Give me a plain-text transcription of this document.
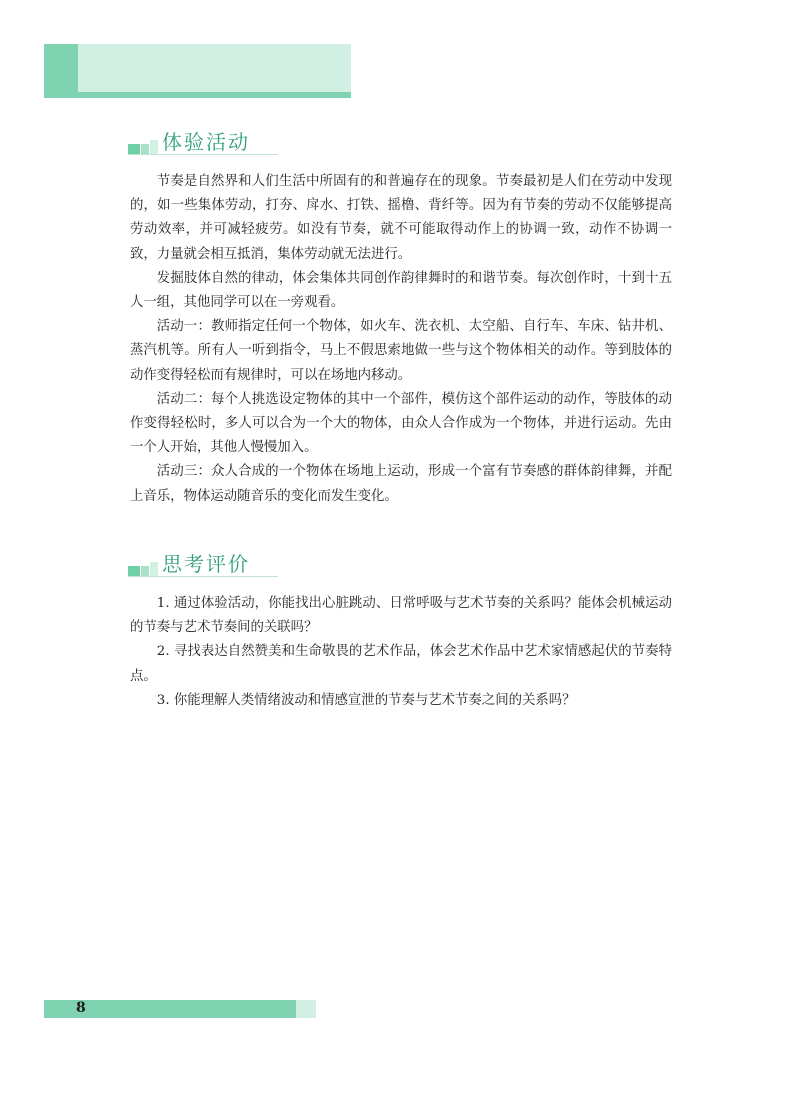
体验活动

节奏是自然界和人们生活中所固有的和普遍存在的现象。节奏最初是人们在劳动中发现的，如一些集体劳动，打夯、戽水、打铁、摇橹、背纤等。因为有节奏的劳动不仅能够提高劳动效率，并可减轻疲劳。如没有节奏，就不可能取得动作上的协调一致，动作不协调一致，力量就会相互抵消，集体劳动就无法进行。

发掘肢体自然的律动，体会集体共同创作韵律舞时的和谐节奏。每次创作时，十到十五人一组，其他同学可以在一旁观看。

活动一：教师指定任何一个物体，如火车、洗衣机、太空船、自行车、车床、钻井机、蒸汽机等。所有人一听到指令，马上不假思索地做一些与这个物体相关的动作。等到肢体的动作变得轻松而有规律时，可以在场地内移动。

活动二：每个人挑选设定物体的其中一个部件，模仿这个部件运动的动作，等肢体的动作变得轻松时，多人可以合为一个大的物体，由众人合作成为一个物体，并进行运动。先由一个人开始，其他人慢慢加入。

活动三：众人合成的一个物体在场地上运动，形成一个富有节奏感的群体韵律舞，并配上音乐，物体运动随音乐的变化而发生变化。

思考评价

1. 通过体验活动，你能找出心脏跳动、日常呼吸与艺术节奏的关系吗？能体会机械运动的节奏与艺术节奏间的关联吗？

2. 寻找表达自然赞美和生命敬畏的艺术作品，体会艺术作品中艺术家情感起伏的节奏特点。

3. 你能理解人类情绪波动和情感宣泄的节奏与艺术节奏之间的关系吗？

8
